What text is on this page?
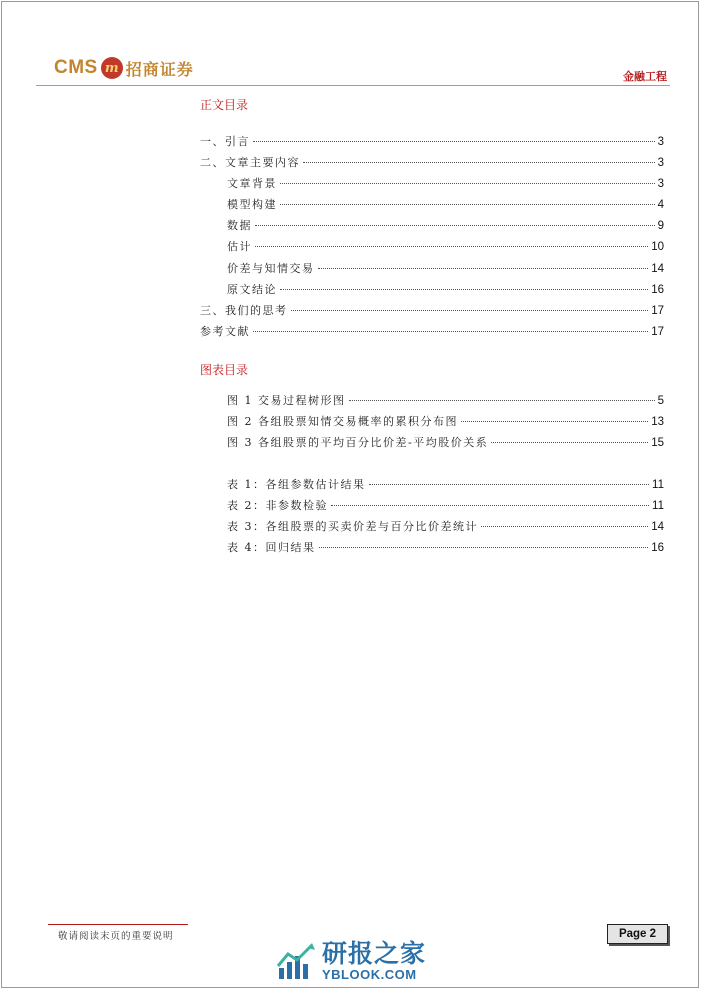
CMS m 招商证券	金融工程
正文目录
一、引言	3
二、文章主要内容	3
文章背景	3
模型构建	4
数据	9
估计	10
价差与知情交易	14
原文结论	16
三、我们的思考	17
参考文献	17
图表目录
图 1 交易过程树形图	5
图 2 各组股票知情交易概率的累积分布图	13
图 3 各组股票的平均百分比价差-平均股价关系	15
表 1：各组参数估计结果	11
表 2：非参数检验	11
表 3：各组股票的买卖价差与百分比价差统计	14
表 4：回归结果	16
敬请阅读末页的重要说明	Page 2
研报之家
YBLOOK.COM
